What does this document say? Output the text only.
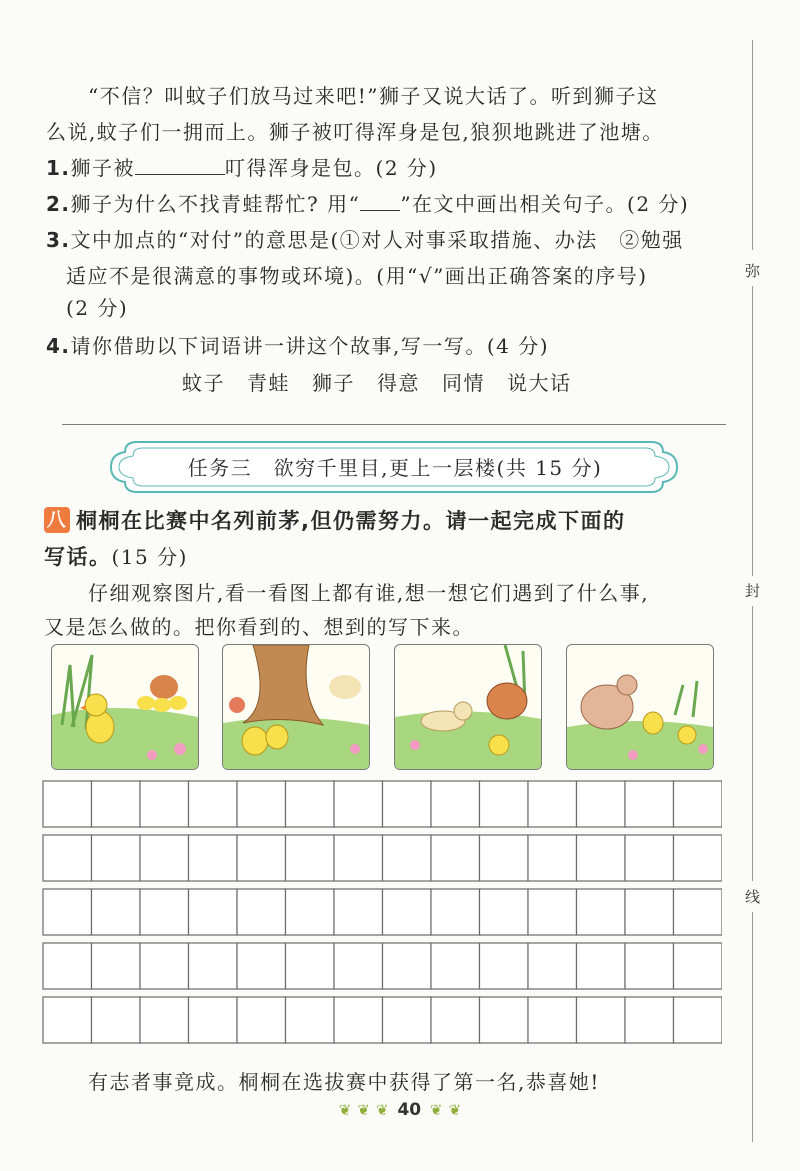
“不信？叫蚊子们放马过来吧!”狮子又说大话了。听到狮子这
么说,蚊子们一拥而上。狮子被叮得浑身是包,狼狈地跳进了池塘。
1.狮子被	叮得浑身是包。(2 分)
2.狮子为什么不找青蛙帮忙? 用“ ”在文中画出相关句子。(2 分)
3.文中加点的“对付”的意思是(①对人对事采取措施、办法　②勉强
适应不是很满意的事物或环境)。(用“√”画出正确答案的序号)
(2 分)
4.请你借助以下词语讲一讲这个故事,写一写。(4 分)
蚊子 青蛙 狮子 得意 同情 说大话
弥
封
线
任务三　欲穷千里目,更上一层楼(共 15 分)
八 桐桐在比赛中名列前茅,但仍需努力。请一起完成下面的
写话。(15 分)
仔细观察图片,看一看图上都有谁,想一想它们遇到了什么事,
又是怎么做的。把你看到的、想到的写下来。
有志者事竟成。桐桐在选拔赛中获得了第一名,恭喜她!
❦ ❦ ❦ 40 ❦ ❦
